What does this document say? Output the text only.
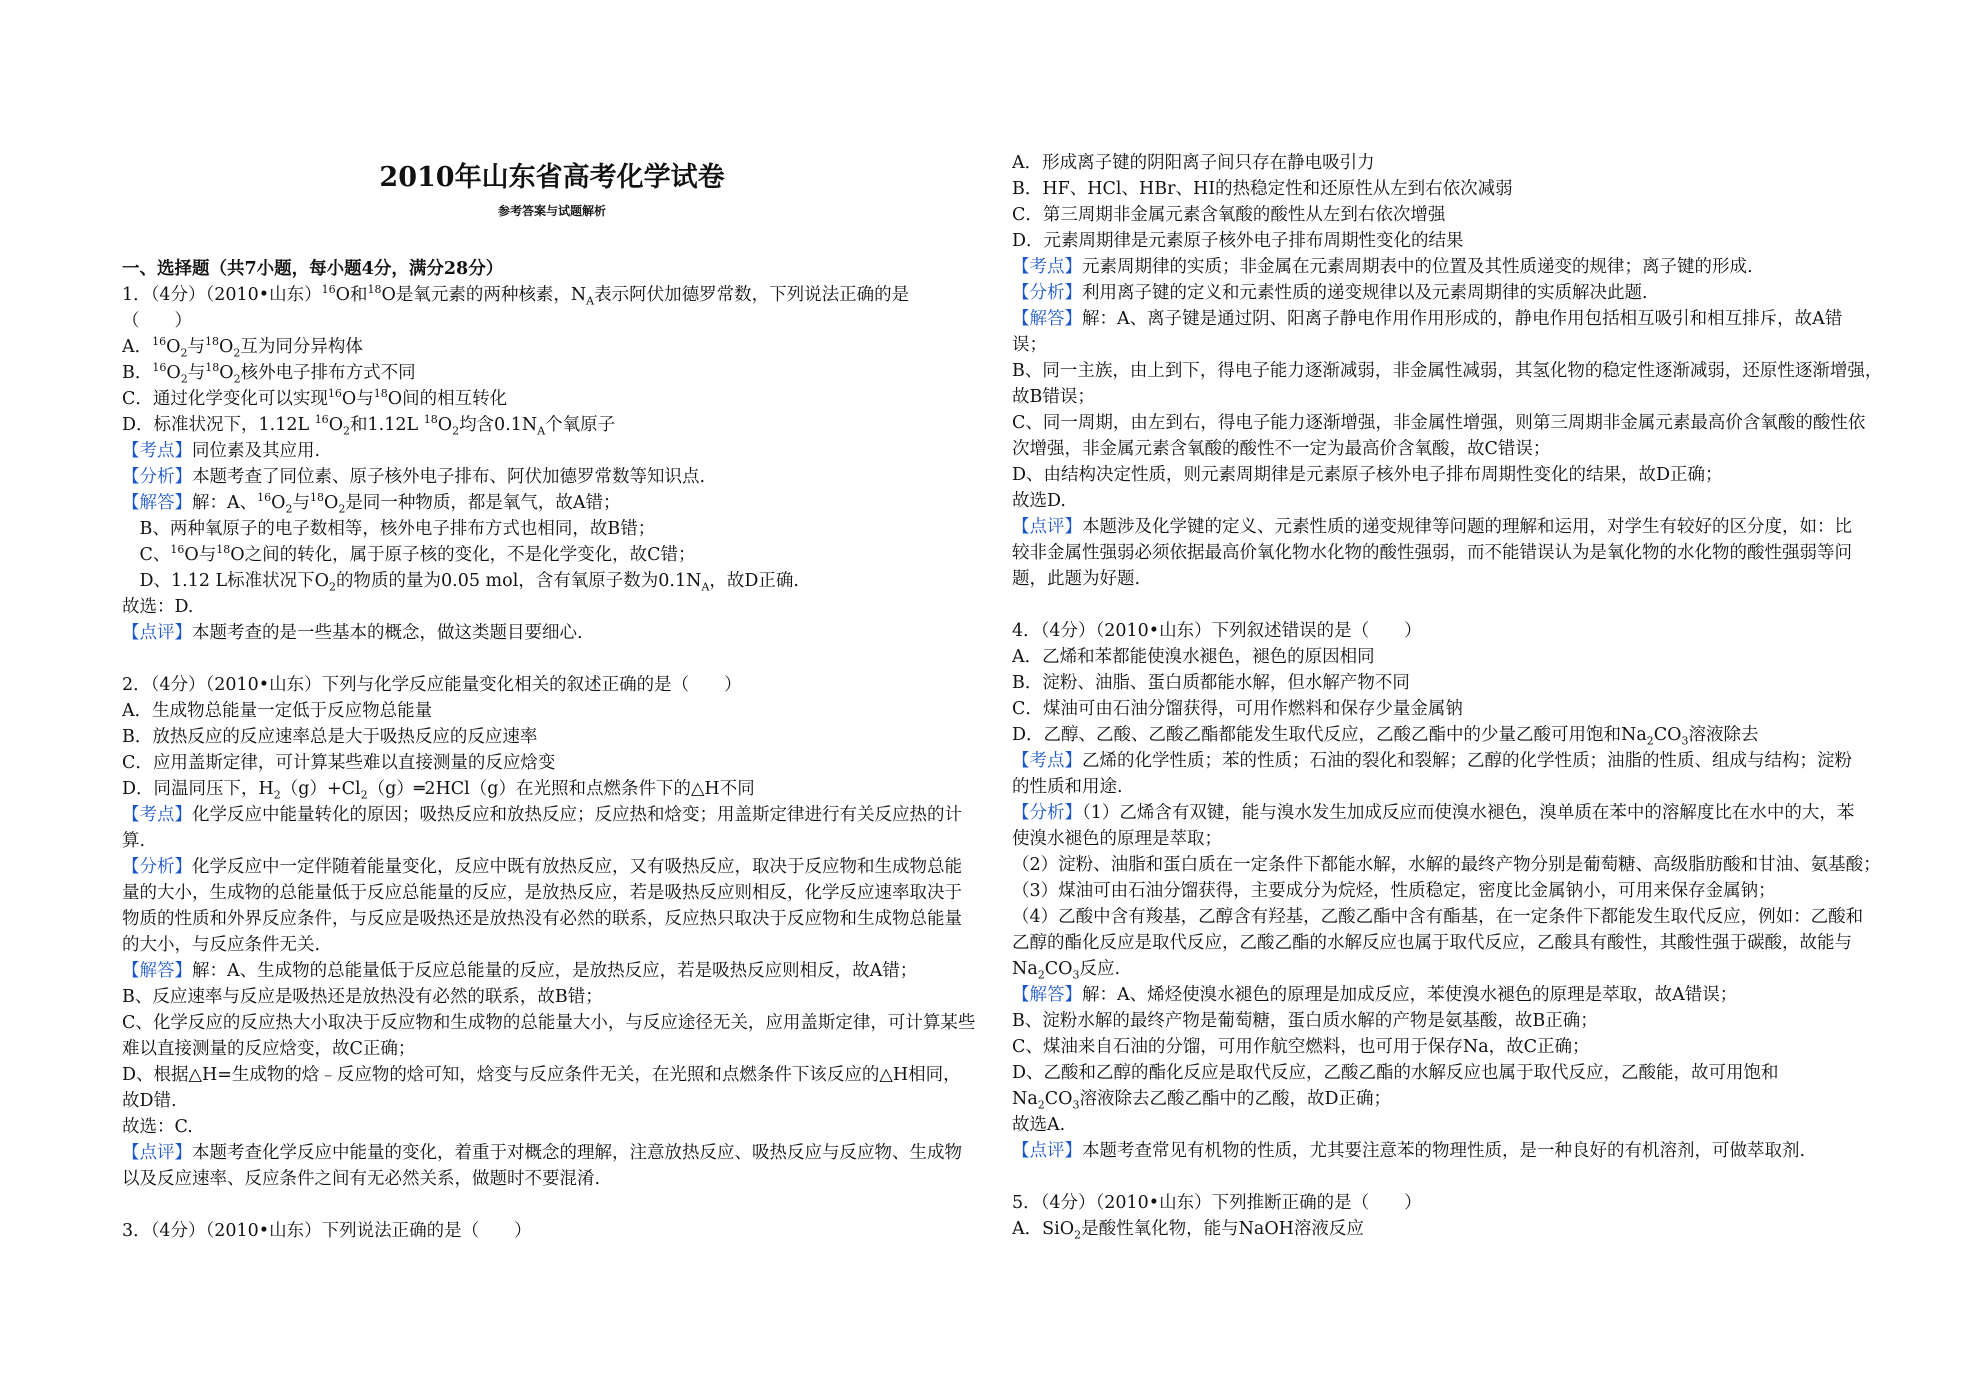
2010年山东省高考化学试卷
参考答案与试题解析
一、选择题（共7小题，每小题4分，满分28分）
1．（4分）（2010•山东）$^{16}$O和$^{18}$O是氧元素的两种核素，$N_A$表示阿伏加德罗常数，下列说法正确的是
（　　）
A．$^{16}O_2$与$^{18}O_2$互为同分异构体
B．$^{16}O_2$与$^{18}O_2$核外电子排布方式不同
C．通过化学变化可以实现$^{16}$O与$^{18}$O间的相互转化
D．标准状况下，1.12L $^{16}O_2$和1.12L $^{18}O_2$均含$0.1N_A$个氧原子
【考点】同位素及其应用.
【分析】本题考查了同位素、原子核外电子排布、阿伏加德罗常数等知识点.
【解答】解：A、$^{16}O_2$与$^{18}O_2$是同一种物质，都是氧气，故A错；
　B、两种氧原子的电子数相等，核外电子排布方式也相同，故B错；
　C、$^{16}$O与$^{18}$O之间的转化，属于原子核的变化，不是化学变化，故C错；
　D、1.12 L标准状况下$O_2$的物质的量为0.05 mol，含有氧原子数为$0.1N_A$，故D正确.
故选：D.
【点评】本题考查的是一些基本的概念，做这类题目要细心.
2．（4分）（2010•山东）下列与化学反应能量变化相关的叙述正确的是（　　）
A．生成物总能量一定低于反应物总能量
B．放热反应的反应速率总是大于吸热反应的反应速率
C．应用盖斯定律，可计算某些难以直接测量的反应焓变
D．同温同压下，$H_2(g)+Cl_2(g)═2HCl(g)$在光照和点燃条件下的△H不同
【考点】化学反应中能量转化的原因；吸热反应和放热反应；反应热和焓变；用盖斯定律进行有关反应热的计
算.
【分析】化学反应中一定伴随着能量变化，反应中既有放热反应，又有吸热反应，取决于反应物和生成物总能
量的大小，生成物的总能量低于反应总能量的反应，是放热反应，若是吸热反应则相反，化学反应速率取决于
物质的性质和外界反应条件，与反应是吸热还是放热没有必然的联系，反应热只取决于反应物和生成物总能量
的大小，与反应条件无关.
【解答】解：A、生成物的总能量低于反应总能量的反应，是放热反应，若是吸热反应则相反，故A错；
B、反应速率与反应是吸热还是放热没有必然的联系，故B错；
C、化学反应的反应热大小取决于反应物和生成物的总能量大小，与反应途径无关，应用盖斯定律，可计算某些
难以直接测量的反应焓变，故C正确；
D、根据△H=生成物的焓﹣反应物的焓可知，焓变与反应条件无关，在光照和点燃条件下该反应的△H相同，
故D错.
故选：C.
【点评】本题考查化学反应中能量的变化，着重于对概念的理解，注意放热反应、吸热反应与反应物、生成物
以及反应速率、反应条件之间有无必然关系，做题时不要混淆.
3．（4分）（2010•山东）下列说法正确的是（　　）
A．形成离子键的阴阳离子间只存在静电吸引力
B．HF、HCl、HBr、HI的热稳定性和还原性从左到右依次减弱
C．第三周期非金属元素含氧酸的酸性从左到右依次增强
D．元素周期律是元素原子核外电子排布周期性变化的结果
【考点】元素周期律的实质；非金属在元素周期表中的位置及其性质递变的规律；离子键的形成.
【分析】利用离子键的定义和元素性质的递变规律以及元素周期律的实质解决此题.
【解答】解：A、离子键是通过阴、阳离子静电作用作用形成的，静电作用包括相互吸引和相互排斥，故A错
误；
B、同一主族，由上到下，得电子能力逐渐减弱，非金属性减弱，其氢化物的稳定性逐渐减弱，还原性逐渐增强，
故B错误；
C、同一周期，由左到右，得电子能力逐渐增强，非金属性增强，则第三周期非金属元素最高价含氧酸的酸性依
次增强，非金属元素含氧酸的酸性不一定为最高价含氧酸，故C错误；
D、由结构决定性质，则元素周期律是元素原子核外电子排布周期性变化的结果，故D正确；
故选D.
【点评】本题涉及化学键的定义、元素性质的递变规律等问题的理解和运用，对学生有较好的区分度，如：比
较非金属性强弱必须依据最高价氧化物水化物的酸性强弱，而不能错误认为是氧化物的水化物的酸性强弱等问
题，此题为好题.
4．（4分）（2010•山东）下列叙述错误的是（　　）
A．乙烯和苯都能使溴水褪色，褪色的原因相同
B．淀粉、油脂、蛋白质都能水解，但水解产物不同
C．煤油可由石油分馏获得，可用作燃料和保存少量金属钠
D．乙醇、乙酸、乙酸乙酯都能发生取代反应，乙酸乙酯中的少量乙酸可用饱和$Na_2CO_3$溶液除去
【考点】乙烯的化学性质；苯的性质；石油的裂化和裂解；乙醇的化学性质；油脂的性质、组成与结构；淀粉
的性质和用途.
【分析】（1）乙烯含有双键，能与溴水发生加成反应而使溴水褪色，溴单质在苯中的溶解度比在水中的大，苯
使溴水褪色的原理是萃取；
（2）淀粉、油脂和蛋白质在一定条件下都能水解，水解的最终产物分别是葡萄糖、高级脂肪酸和甘油、氨基酸；
（3）煤油可由石油分馏获得，主要成分为烷烃，性质稳定，密度比金属钠小，可用来保存金属钠；
（4）乙酸中含有羧基，乙醇含有羟基，乙酸乙酯中含有酯基，在一定条件下都能发生取代反应，例如：乙酸和
乙醇的酯化反应是取代反应，乙酸乙酯的水解反应也属于取代反应，乙酸具有酸性，其酸性强于碳酸，故能与
$Na_2CO_3$反应.
【解答】解：A、烯烃使溴水褪色的原理是加成反应，苯使溴水褪色的原理是萃取，故A错误；
B、淀粉水解的最终产物是葡萄糖，蛋白质水解的产物是氨基酸，故B正确；
C、煤油来自石油的分馏，可用作航空燃料，也可用于保存Na，故C正确；
D、乙酸和乙醇的酯化反应是取代反应，乙酸乙酯的水解反应也属于取代反应，乙酸能，故可用饱和
$Na_2CO_3$溶液除去乙酸乙酯中的乙酸，故D正确；
故选A.
【点评】本题考查常见有机物的性质，尤其要注意苯的物理性质，是一种良好的有机溶剂，可做萃取剂.
5．（4分）（2010•山东）下列推断正确的是（　　）
A．SiO$_2$是酸性氧化物，能与NaOH溶液反应
